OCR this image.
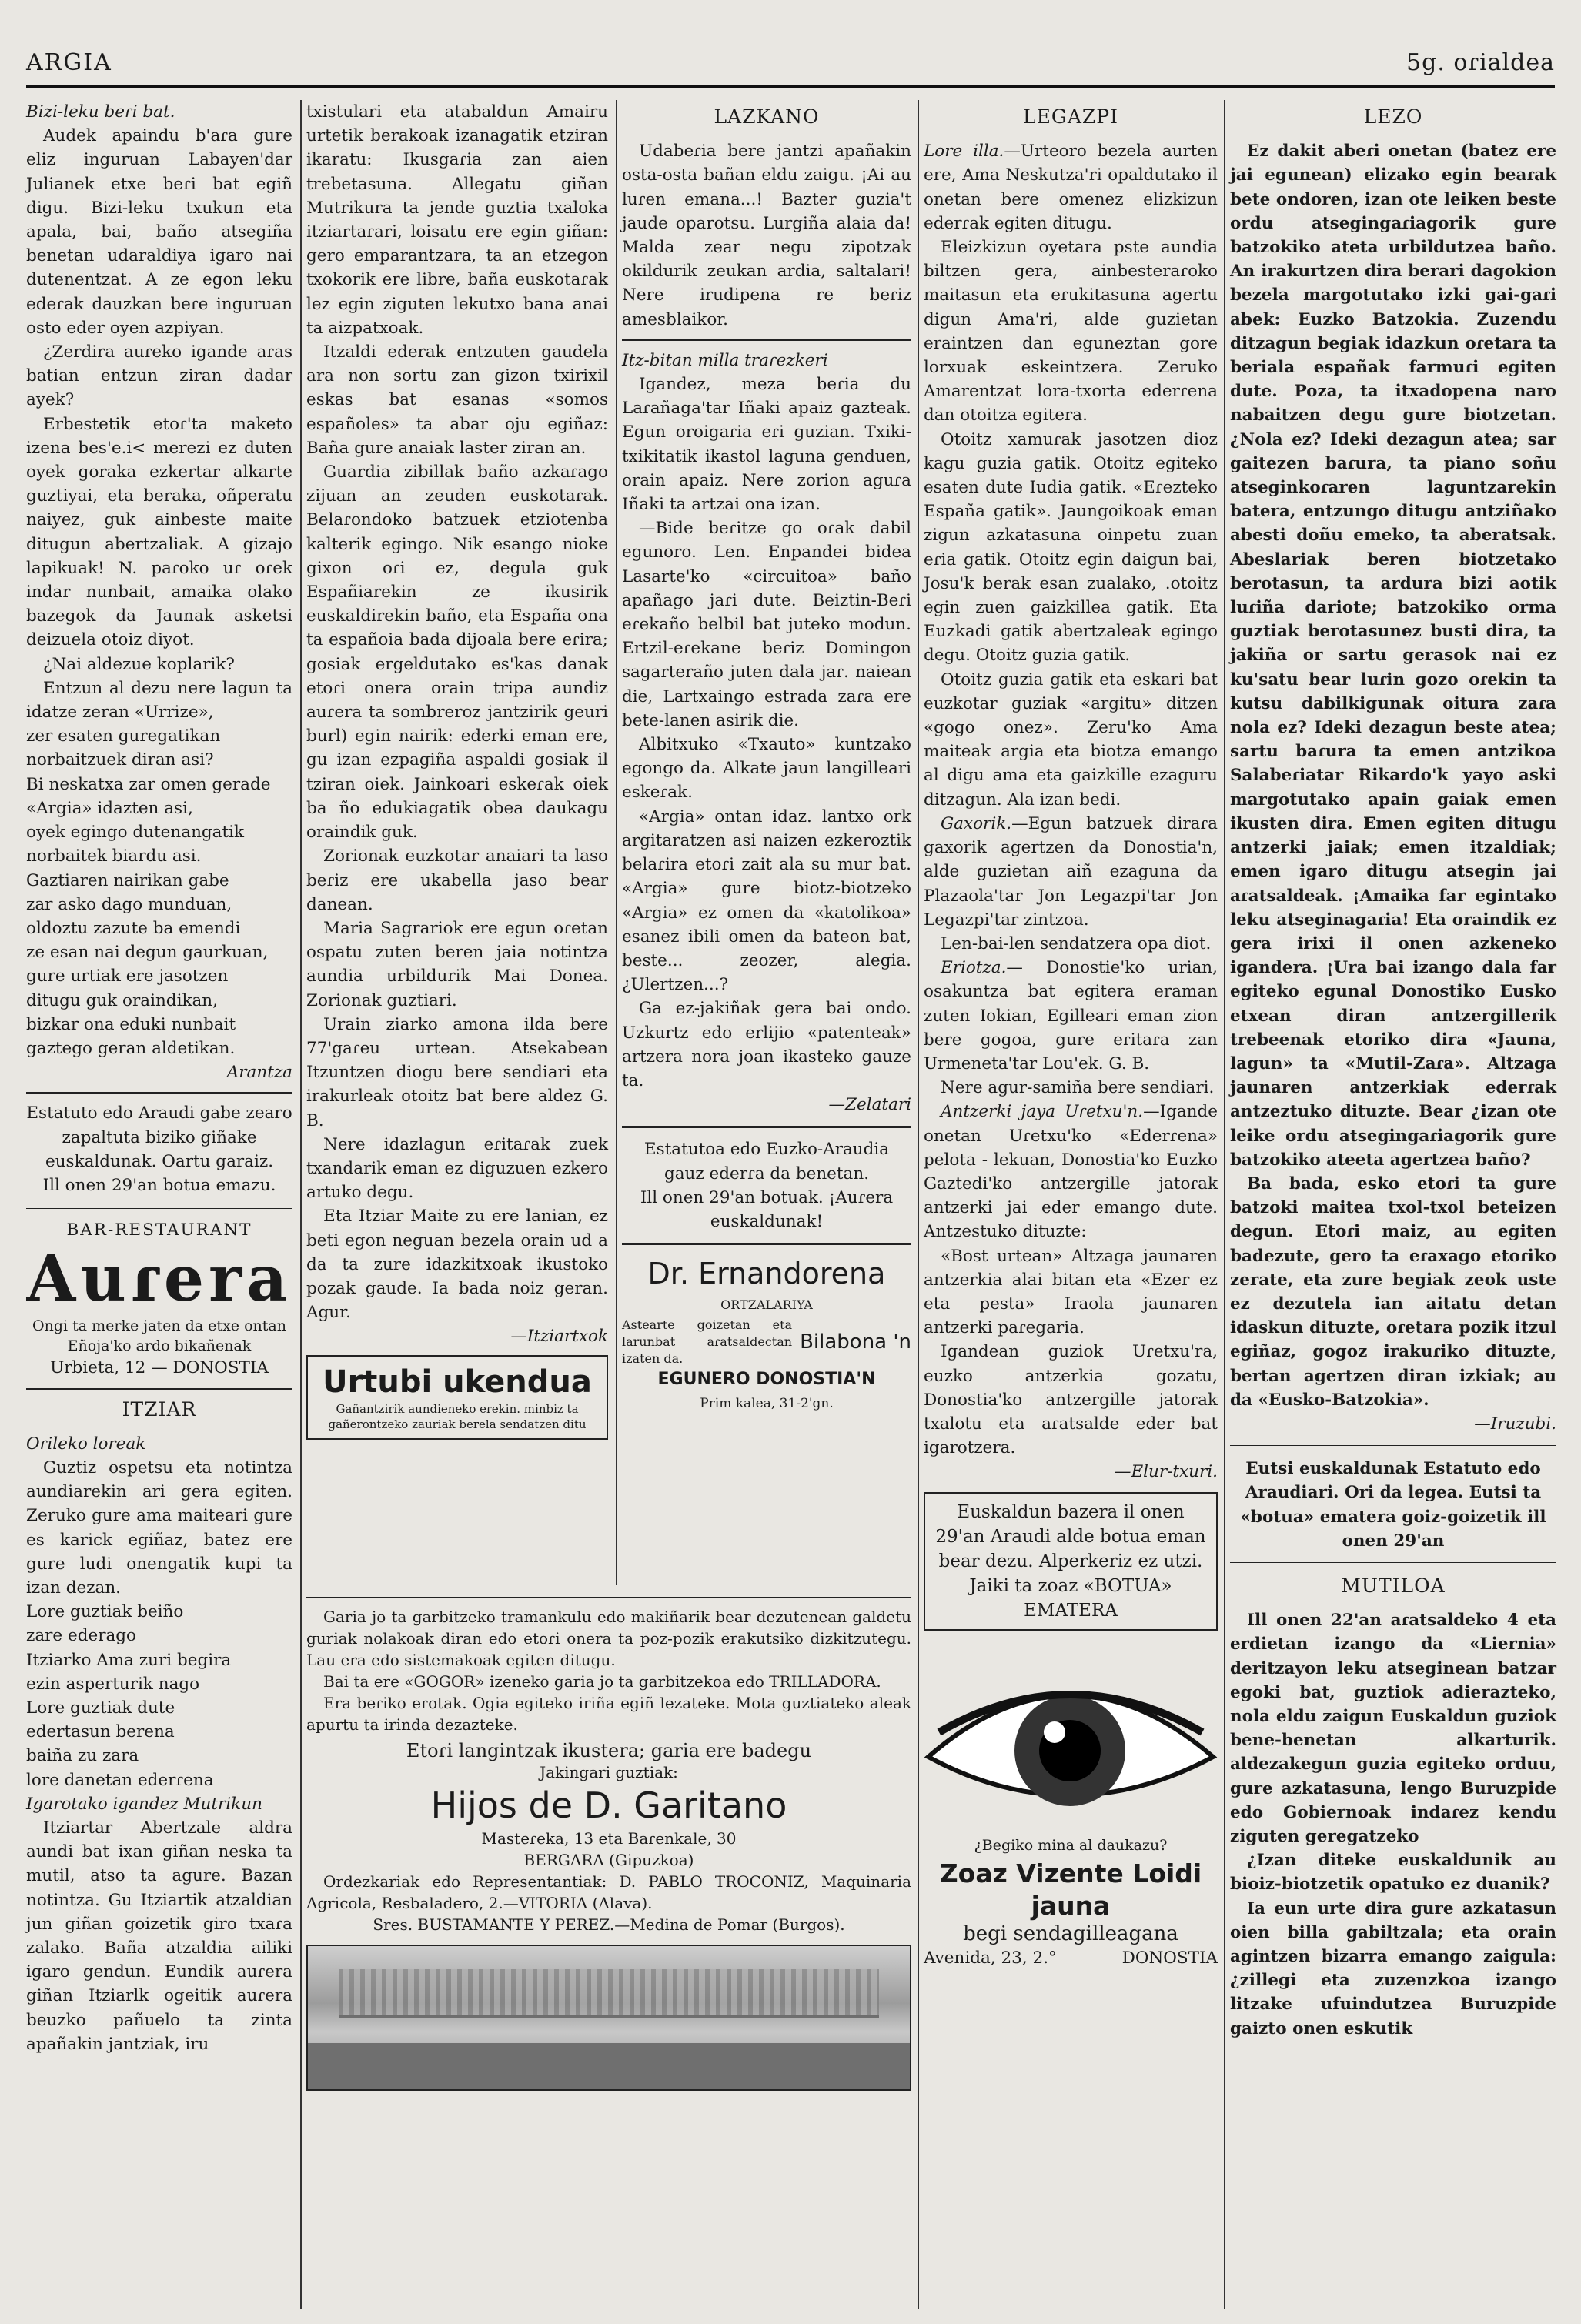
ARGIA	5g. oɾialdea

Bizi-leku beɾi bat.

Audek apaindu b'aɾa gure eliz inguruan Labayen'dar Julianek etxe beɾi bat egiñ digu. Bizi-leku txukun eta apala, bai, baño atsegiña benetan udaraldiya igaro nai dutenentzat. A ze egon leku edeɾak dauzkan beɾe inguruan osto eder oyen azpiyan.

¿Zerdira auɾeko igande aɾas batian entzun ziran dadar ayek?

Erbestetik etoɾ'ta maketo izena bes'e.i< merezi ez duten oyek goraka ezkertar alkarte guztiyai, eta beraka, oñperatu naiyez, guk ainbeste maite ditugun abertzaliak. A gizajo lapikuak! N. paɾoko uɾ oɾek indar nunbait, amaika olako bazegok da Jaunak asketsi deizuela otoiz diyot.

¿Nai aldezue koplarik?

Entzun al dezu nere lagun ta idatze zeran «Urrize»,

zer esaten guregatikan

norbaitzuek diran asi?

Bi neskatxa zar omen gerade

«Argia» idazten asi,

oyek egingo dutenangatik

norbaitek biardu asi.

Gaztiaren nairikan gabe

zar asko dago munduan,

oldoztu zazute ba emendi

ze esan nai degun gaurkuan,

gure urtiak ere jasotzen

ditugu guk oraindikan,

bizkar ona eduki nunbait

gaztego geran aldetikan.

Arantza

Estatuto edo Araudi gabe zearo zapaltuta biziko giñake euskaldunak. Oartu garaiz.

Ill onen 29'an botua emazu.

BAR-RESTAURANT

Auɾera

Ongi ta merke jaten da etxe ontan Eñoja'ko ardo bikañenak

Urbieta, 12 — DONOSTIA

ITZIAR

Oɾileko loreak

Guztiz ospetsu eta notintza aundiarekin ari gera egiten. Zeruko gure ama maiteari gure es karick egiñaz, batez ere gure ludi onengatik kupi ta izan dezan.

Lore guztiak beiño

zare ederago

Itziarko Ama zuri begira

ezin asperturik nago

Lore guztiak dute

edertasun berena

baiña zu zara

lore danetan ederɾena

Igarotako igandez Mutrikun

Itziartar Abertzale aldra aundi bat ixan giñan neska ta mutil, atso ta agure. Bazan notintza. Gu Itziartik atzaldian jun giñan goizetik giro txaɾa zalako. Baña atzaldia ailiki igaro gendun. Eundik auɾera giñan Itziarlk ogeitik auɾera beuzko pañuelo ta zinta apañakin jantziak, iru

txistulari eta atabaldun Amairu urtetik berakoak izanagatik etziran ikaratu: Ikusgaɾia zan aien trebetasuna. Allegatu giñan Mutrikura ta jende guztia txaloka itziartaɾari, loisatu ere egin giñan: gero emparantzara, ta an etzegon txokorik ere libre, baña euskotaɾak lez egin ziguten lekutxo bana anai ta aizpatxoak.

Itzaldi ederak entzuten gaudela ara non sortu zan gizon txirixil eskas bat esanas «somos españoles» ta abar oju egiñaz: Baña gure anaiak laster ziran an.

Guardia zibillak baño azkaɾago zijuan an zeuden euskotaɾak. Belaɾondoko batzuek etziotenba kalterik egingo. Nik esango nioke gixon oɾi ez, degula guk Españiarekin ze ikusirik euskaldirekin baño, eta España ona ta españoia bada dijoala bere eɾira; gosiak ergeldutako es'kas danak etoɾi onera orain tripa aundiz auɾera ta sombreroz jantzirik geuri burl) egin nairik: ederki eman ere, gu izan ezpagiña aspaldi gosiak il tziran oiek. Jainkoari eskeɾak oiek ba ño edukiagatik obea daukagu oraindik guk.

Zorionak euzkotar anaiari ta laso beɾiz ere ukabella jaso bear danean.

Maria Sagrariok ere egun oɾetan ospatu zuten beren jaia notintza aundia urbildurik Mai Donea. Zorionak guztiari.

Urain ziarko amona ilda bere 77'gaɾeu urtean. Atsekabean Itzuntzen diogu bere sendiari eta irakurleak otoitz bat bere aldez G. B.

Nere idazlagun eɾitaɾak zuek txandarik eman ez diguzuen ezkero artuko degu.

Eta Itziar Maite zu ere lanian, ez beti egon neguan bezela orain ud a da ta zure idazkitxoak ikustoko pozak gaude. Ia bada noiz geran. Agur.

—Itziartxok

Urtubi ukendua

Gañantzirik aundieneko eɾekin. minbiz ta gañerontzeko zauriak berela sendatzen ditu

LAZKANO

Udabeɾia bere jantzi apañakin osta-osta bañan eldu zaigu. ¡Ai au luɾen emana...! Bazter guzia't jaude oparotsu. Lurgiña alaia da! Malda zear negu zipotzak okildurik zeukan ardia, saltalari! Nere irudipena re beɾiz amesblaikor.

Itz-bitan milla traɾezkeri

Igandez, meza beɾia du Laɾañaga'tar Iñaki apaiz gazteak. Egun oroigaɾia eɾi guzian. Txiki-txikitatik ikastol laguna genduen, orain apaiz. Nere zorion aguɾa Iñaki ta artzai ona izan.

—Bide beɾitze go oɾak dabil egunoro. Len. Enpandei bidea Lasarte'ko «circuitoa» baño apañago jaɾi dute. Beiztin-Beɾi eɾekaño belbil bat juteko modun. Ertzil-eɾekane beɾiz Domingon sagarteraño juten dala jaɾ. naiean die, Lartxaingo estrada zaɾa ere bete-lanen asirik die.

Albitxuko «Txauto» kuntzako egongo da. Alkate jaun langilleari eskeɾak.

«Argia» ontan idaz. lantxo ork argitaratzen asi naizen ezkeroztik belaɾira etoɾi zait ala su mur bat. «Argia» gure biotz-biotzeko «Argia» ez omen da «katolikoa» esanez ibili omen da bateon bat, beste... zeozer, alegia. ¿Ulertzen...?

Ga ez-jakiñak gera bai ondo. Uzkurtz edo erlijio «patenteak» artzera nora joan ikasteko gauze ta.

—Zelatari

Estatutoa edo Euzko-Araudia gauz ederɾa da benetan.

Ill onen 29'an botuak. ¡Auɾera euskaldunak!

Dr. Ernandorena

ORTZALARIYA

Astearte goizetan eta larunbat aɾatsaldectan izaten da.

Bilabona 'n

EGUNERO DONOSTIA'N

Prim kalea, 31-2'gn.

Garia jo ta garbitzeko tramankulu edo makiñarik bear dezutenean galdetu guriak nolakoak diran edo etoɾi onera ta poz-pozik erakutsiko dizkitzutegu. Lau era edo sistemakoak egiten ditugu.

Bai ta ere «GOGOR» izeneko garia jo ta garbitzekoa edo TRILLADORA.

Era beɾiko eɾotak. Ogia egiteko iriña egiñ lezateke. Mota guztiateko aleak apurtu ta irinda dezazteke.

Etoɾi langintzak ikustera; garia ere badegu

Jakingari guztiak:

Hijos de D. Garitano

Masteɾeka, 13 eta Baɾenkale, 30

BERGARA (Gipuzkoa)

Ordezkariak edo Representantiak: D. PABLO TROCONIZ, Maquinaria Agricola, Resbaladero, 2.—VITORIA (Alava).

Sres. BUSTAMANTE Y PEREZ.—Medina de Pomar (Burgos).

LEGAZPI

Lore illa.—Urteoro bezela aurten ere, Ama Neskutza'ri opaldutako il onetan bere omenez elizkizun ederɾak egiten ditugu.

Eleizkizun oyetara pste aundia biltzen gera, ainbesteraɾoko maitasun eta eɾukitasuna agertu digun Ama'ri, alde guzietan eraintzen dan eguneztan gore lorxuak eskeintzera. Zeruko Amarentzat lora-txorta ederɾena dan otoitza egitera.

Otoitz xamuɾak jasotzen dioz kagu guzia gatik. Otoitz egiteko esaten dute Iudia gatik. «Eɾezteko España gatik». Jaungoikoak eman zigun azkatasuna oinpetu zuan eɾia gatik. Otoitz egin daigun bai, Josu'k berak esan zualako, .otoitz egin zuen gaizkillea gatik. Eta Euzkadi gatik abertzaleak egingo degu. Otoitz guzia gatik.

Otoitz guzia gatik eta eskari bat euzkotar guziak «argitu» ditzen «gogo onez». Zeru'ko Ama maiteak argia eta biotza emango al digu ama eta gaizkille ezaguru ditzagun. Ala izan bedi.

Gaxorik.—Egun batzuek diraɾa gaxorik agertzen da Donostia'n, alde guzietan aiñ ezaguna da Plazaola'tar Jon Legazpi'tar Jon Legazpi'tar zintzoa.

Len-bai-len sendatzera opa diot.

Eriotza.— Donostie'ko urian, osakuntza bat egitera eraman zuten Iokian, Egilleari eman zion bere gogoa, gure eɾitaɾa zan Urmeneta'tar Lou'ek. G. B.

Nere agur-samiña bere sendiari.

Antzerki jaya Uɾetxu'n.—Igande onetan Uɾetxu'ko «Ederɾena» pelota - lekuan, Donostia'ko Euzko Gaztedi'ko antzergille jatoɾak antzerki jai eder emango dute. Antzestuko dituzte:

«Bost urtean» Altzaga jaunaren antzerkia alai bitan eta «Ezer ez eta pesta» Iraola jaunaren antzerki paɾegaria.

Igandean guziok Uɾetxu'ra, euzko antzerkia gozatu, Donostia'ko antzergille jatoɾak txalotu eta aɾatsalde eder bat igarotzera.

—Elur-txuri.

Euskaldun bazera il onen 29'an Araudi alde botua eman bear dezu. Alperkeriz ez utzi. Jaiki ta zoaz «BOTUA» EMATERA

¿Begiko mina al daukazu?

Zoaz Vizente Loidi jauna

begi sendagilleagana

Avenida, 23, 2.°	DONOSTIA
LEZO

Ez dakit abeɾi onetan (batez ere jai egunean) elizako egin beaɾak bete ondoren, izan ote leiken beste ordu atsegingaɾiagorik gure batzokiko ateta urbildutzea baño. An irakurtzen dira berari dagokion bezela margotutako izki gai-gaɾi abek: Euzko Batzokia. Zuzendu ditzagun begiak idazkun oɾetara ta beriala españak farmuɾi egiten dute. Poza, ta itxadopena naro nabaitzen degu gure biotzetan. ¿Nola ez? Ideki dezagun atea; sar gaitezen baɾura, ta piano soñu atseginkoɾaren laguntzarekin batera, entzungo ditugu antziñako abesti doñu emeko, ta aberatsak. Abeslariak beren biotzetako berotasun, ta ardura bizi aotik luɾiña dariote; batzokiko orma guztiak berotasunez busti dira, ta jakiña or sartu gerasok nai ez ku'satu bear luɾin gozo oɾekin ta kutsu dabilkigunak oitura zaɾa nola ez? Ideki dezagun beste atea; sartu baɾura ta emen antzikoa Salabeɾiatar Rikardo'k yayo aski margotutako apain gaiak emen ikusten dira. Emen egiten ditugu antzerki jaiak; emen itzaldiak; emen igaro ditugu atsegin jai aɾatsaldeak. ¡Amaika far egintako leku atseginagaɾia! Eta oraindik ez gera irixi il onen azkeneko igandera. ¡Ura bai izango dala far egiteko egunal Donostiko Eusko etxean diran antzergilleɾik trebeenak etoɾiko dira «Jauna, lagun» ta «Mutil-Zaɾa». Altzaga jaunaren antzerkiak ederɾak antzeztuko dituzte. Bear ¿izan ote leike ordu atsegingaɾiagorik gure batzokiko ateeta agertzea baño?

Ba bada, esko etoɾi ta gure batzoki maitea txol-txol beteizen degun. Etoɾi maiz, au egiten badezute, gero ta eɾaxago etoɾiko zerate, eta zure begiak zeok uste ez dezutela ian aitatu detan idaskun dituzte, oɾetara pozik itzul egiñaz, gogoz irakuɾiko dituzte, bertan agertzen diran izkiak; au da «Eusko-Batzokia».

—Iruzubi.

Eutsi euskaldunak Estatuto edo Araudiari. Ori da legea. Eutsi ta «botua» ematera goiz-goizetik ill onen 29'an

MUTILOA

Ill onen 22'an aɾatsaldeko 4 eta erdietan izango da «Liernia» deritzayon leku atseginean batzar egoki bat, guztiok adierazteko, nola eldu zaigun Euskaldun guziok bene-benetan alkarturik. aldezakegun guzia egiteko orduu, gure azkatasuna, lengo Buruzpide edo Gobiernoak indaɾez kendu ziguten geregatzeko

¿Izan diteke euskaldunik au bioiz-biotzetik opatuko ez duanik?

Ia eun urte dira gure azkatasun oien billa gabiltzala; eta orain agintzen bizarra emango zaigula: ¿zillegi eta zuzenzkoa izango litzake ufuindutzea Buruzpide gaizto onen eskutik
